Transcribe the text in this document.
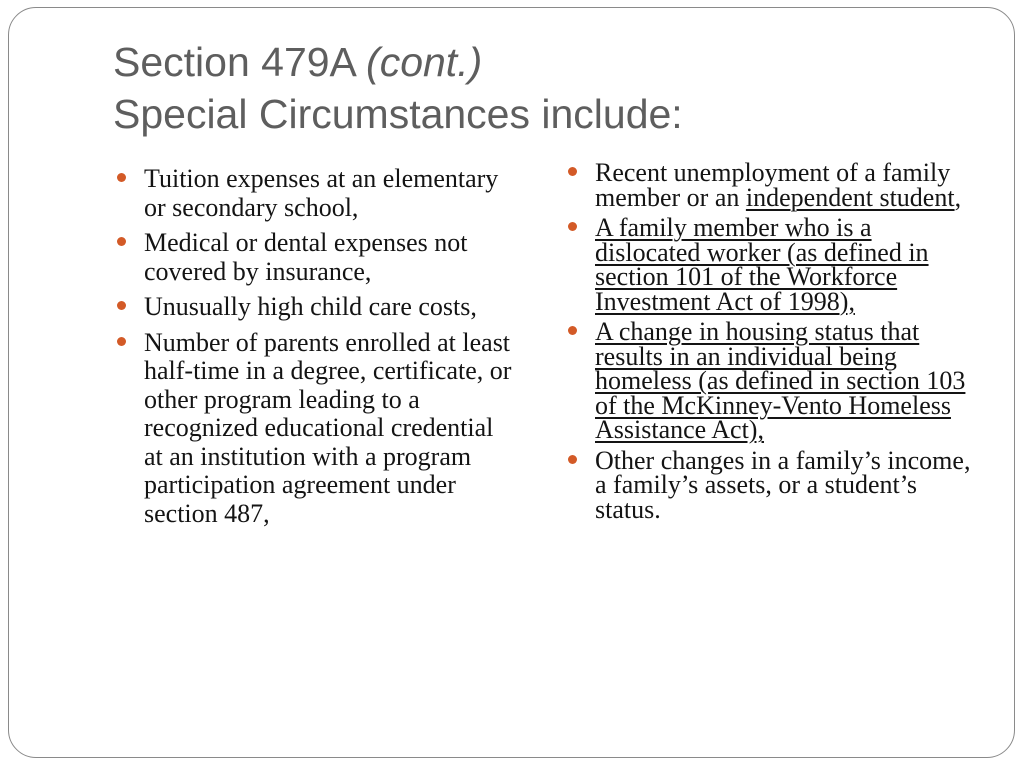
Section 479A (cont.)
Special Circumstances include:
Tuition expenses at an elementary or secondary school,
Medical or dental expenses not covered by insurance,
Unusually high child care costs,
Number of parents enrolled at least half-time in a degree, certificate, or other program leading to a recognized educational credential at an institution with a program participation agreement under section 487,
Recent unemployment of a family member or an independent student,
A family member who is a dislocated worker (as defined in section 101 of the Workforce Investment Act of 1998),
A change in housing status that results in an individual being homeless (as defined in section 103 of the McKinney-Vento Homeless Assistance Act),
Other changes in a family’s income, a family’s assets, or a student’s status.
